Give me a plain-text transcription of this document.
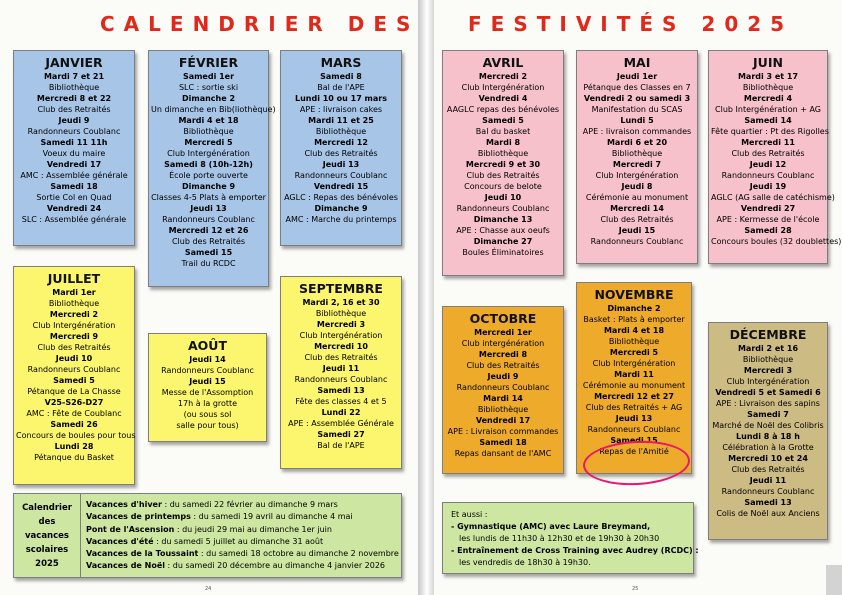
CALENDRIER DES FESTIVITÉS 2025
JANVIER
Mardi 7 et 21
Bibliothèque
Mercredi 8 et 22
Club des Retraités
Jeudi 9
Randonneurs Coublanc
Samedi 11 11h
Voeux du maire
Vendredi 17
AMC : Assemblée générale
Samedi 18
Sortie Col en Quad
Vendredi 24
SLC : Assemblée générale
FÉVRIER
Samedi 1er
SLC : sortie ski
Dimanche 2
Un dimanche en Bib(liothèque)
Mardi 4 et 18
Bibliothèque
Mercredi 5
Club Intergénération
Samedi 8 (10h-12h)
École porte ouverte
Dimanche 9
Classes 4-5 Plats à emporter
Jeudi 13
Randonneurs Coublanc
Mercredi 12 et 26
Club des Retraités
Samedi 15
Trail du RCDC
MARS
Samedi 8
Bal de l'APE
Lundi 10 ou 17 mars
APE : livraison cakes
Mardi 11 et 25
Bibliothèque
Mercredi 12
Club des Retraités
Jeudi 13
Randonneurs Coublanc
Vendredi 15
AGLC : Repas des bénévoles
Dimanche 9
AMC : Marche du printemps
JUILLET
Mardi 1er
Bibliothèque
Mercredi 2
Club Intergénération
Mercredi 9
Club des Retraités
Jeudi 10
Randonneurs Coublanc
Samedi 5
Pétanque de La Chasse
V25-S26-D27
AMC : Fête de Coublanc
Samedi 26
Concours de boules pour tous
Lundi 28
Pétanque du Basket
AOÛT
Jeudi 14
Randonneurs Coublanc
Jeudi 15
Messe de l'Assomption
17h à la grotte
(ou sous sol
salle pour tous)
SEPTEMBRE
Mardi 2, 16 et 30
Bibliothèque
Mercredi 3
Club Intergénération
Mercredi 10
Club des Retraités
Jeudi 11
Randonneurs Coublanc
Samedi 13
Fête des classes 4 et 5
Lundi 22
APE : Assemblée Générale
Samedi 27
Bal de l'APE
AVRIL
Mercredi 2
Club Intergénération
Vendredi 4
AAGLC repas des bénévoles
Samedi 5
Bal du basket
Mardi 8
Bibliothèque
Mercredi 9 et 30
Club des Retraités
Concours de belote
Jeudi 10
Randonneurs Coublanc
Dimanche 13
APE : Chasse aux oeufs
Dimanche 27
Boules Éliminatoires
MAI
Jeudi 1er
Pétanque des Classes en 7
Vendredi 2 ou samedi 3
Manifestation du SCAS
Lundi 5
APE : livraison commandes
Mardi 6 et 20
Bibliothèque
Mercredi 7
Club Intergénération
Jeudi 8
Cérémonie au monument
Mercredi 14
Club des Retraités
Jeudi 15
Randonneurs Coublanc
JUIN
Mardi 3 et 17
Bibliothèque
Mercredi 4
Club Intergénération + AG
Samedi 14
Fête quartier : Pt des Rigolles
Mercredi 11
Club des Retraités
Jeudi 12
Randonneurs Coublanc
Jeudi 19
AGLC (AG salle de catéchisme)
Vendredi 27
APE : Kermesse de l'école
Samedi 28
Concours boules (32 doublettes)
OCTOBRE
Mercredi 1er
Club intergénération
Mercredi 8
Club des Retraités
Jeudi 9
Randonneurs Coublanc
Mardi 14
Bibliothèque
Vendredi 17
APE : Livraison commandes
Samedi 18
Repas dansant de l'AMC
NOVEMBRE
Dimanche 2
Basket : Plats à emporter
Mardi 4 et 18
Bibliothèque
Mercredi 5
Club Intergénération
Mardi 11
Cérémonie au monument
Mercredi 12 et 27
Club des Retraités + AG
Jeudi 13
Randonneurs Coublanc
Samedi 15
Repas de l'Amitié
DÉCEMBRE
Mardi 2 et 16
Bibliothèque
Mercredi 3
Club Intergénération
Vendredi 5 et Samedi 6
APE : Livraison des sapins
Samedi 7
Marché de Noël des Colibris
Lundi 8 à 18 h
Célébration à la Grotte
Mercredi 10 et 24
Club des Retraités
Jeudi 11
Randonneurs Coublanc
Samedi 13
Colis de Noël aux Anciens
Calendrier
des
vacances
scolaires
2025
Vacances d'hiver : du samedi 22 février au dimanche 9 mars
Vacances de printemps : du samedi 19 avril au dimanche 4 mai
Pont de l'Ascension : du jeudi 29 mai au dimanche 1er juin
Vacances d'été : du samedi 5 juillet au dimanche 31 août
Vacances de la Toussaint : du samedi 18 octobre au dimanche 2 novembre
Vacances de Noël : du samedi 20 décembre au dimanche 4 janvier 2026
Et aussi :
- Gymnastique (AMC) avec Laure Breymand,
les lundis de 11h30 à 12h30 et de 19h30 à 20h30
- Entraînement de Cross Training avec Audrey (RCDC) :
les vendredis de 18h30 à 19h30.
24	25
